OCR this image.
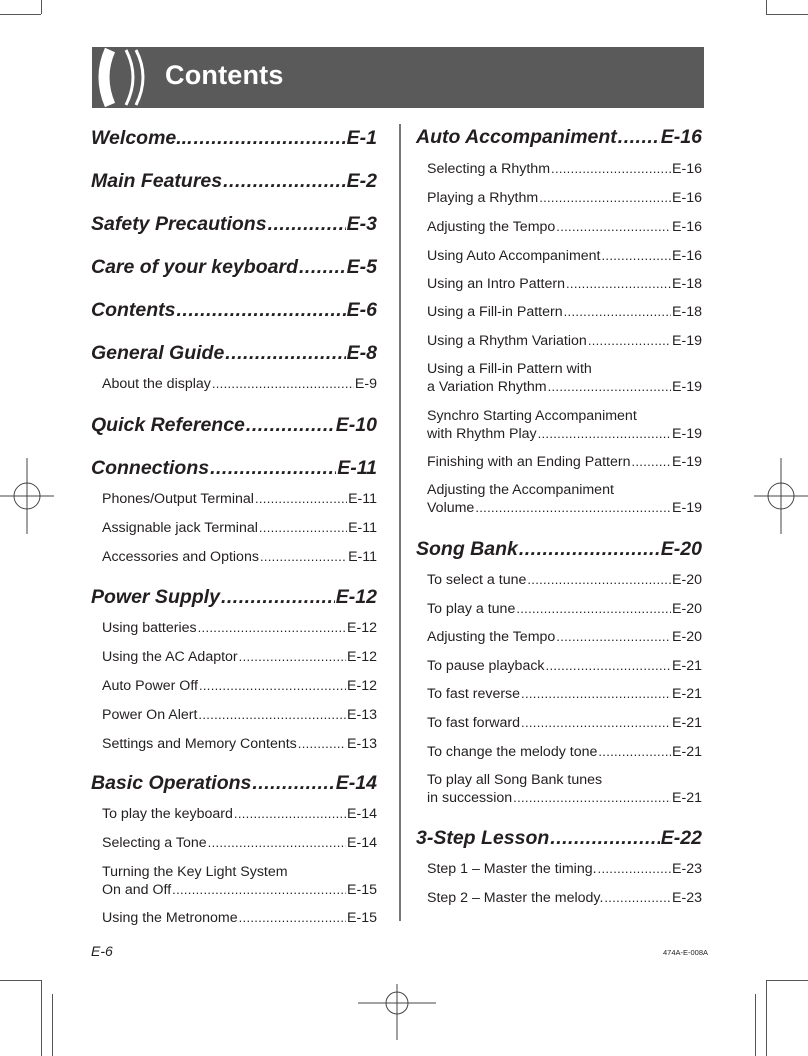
Contents
Welcome... .....	E-1
Main Features .....	E-2
Safety Precautions .....	E-3
Care of your keyboard ..... E-5
Contents .....	E-6
General Guide .....	E-8
About the display .....	E-9
Quick Reference .....	E-10
Connections .....	E-11
Phones/Output Terminal .....	E-11
Assignable jack Terminal .....	E-11
Accessories and Options .....	E-11
Power Supply .....	E-12
Using batteries .....	E-12
Using the AC Adaptor .....	E-12
Auto Power Off .....	E-12
Power On Alert .....	E-13
Settings and Memory Contents .....	E-13
Basic Operations .....	E-14
To play the keyboard .....	E-14
Selecting a Tone .....	E-14
Turning the Key Light System
On and Off .....	E-15
Using the Metronome .....	E-15
Auto Accompaniment ..... E-16
Selecting a Rhythm .....	E-16
Playing a Rhythm .....	E-16
Adjusting the Tempo .....	E-16
Using Auto Accompaniment .....	E-16
Using an Intro Pattern .....	E-18
Using a Fill-in Pattern .....	E-18
Using a Rhythm Variation .....	E-19
Using a Fill-in Pattern with
a Variation Rhythm .....	E-19
Synchro Starting Accompaniment
with Rhythm Play .....	E-19
Finishing with an Ending Pattern .....	E-19
Adjusting the Accompaniment
Volume .....	E-19
Song Bank .....	E-20
To select a tune .....	E-20
To play a tune .....	E-20
Adjusting the Tempo .....	E-20
To pause playback .....	E-21
To fast reverse .....	E-21
To fast forward .....	E-21
To change the melody tone .....	E-21
To play all Song Bank tunes
in succession .....	E-21
3-Step Lesson .....	E-22
Step 1 – Master the timing. .....	E-23
Step 2 – Master the melody. .....	E-23
E-6	474A-E-008A
